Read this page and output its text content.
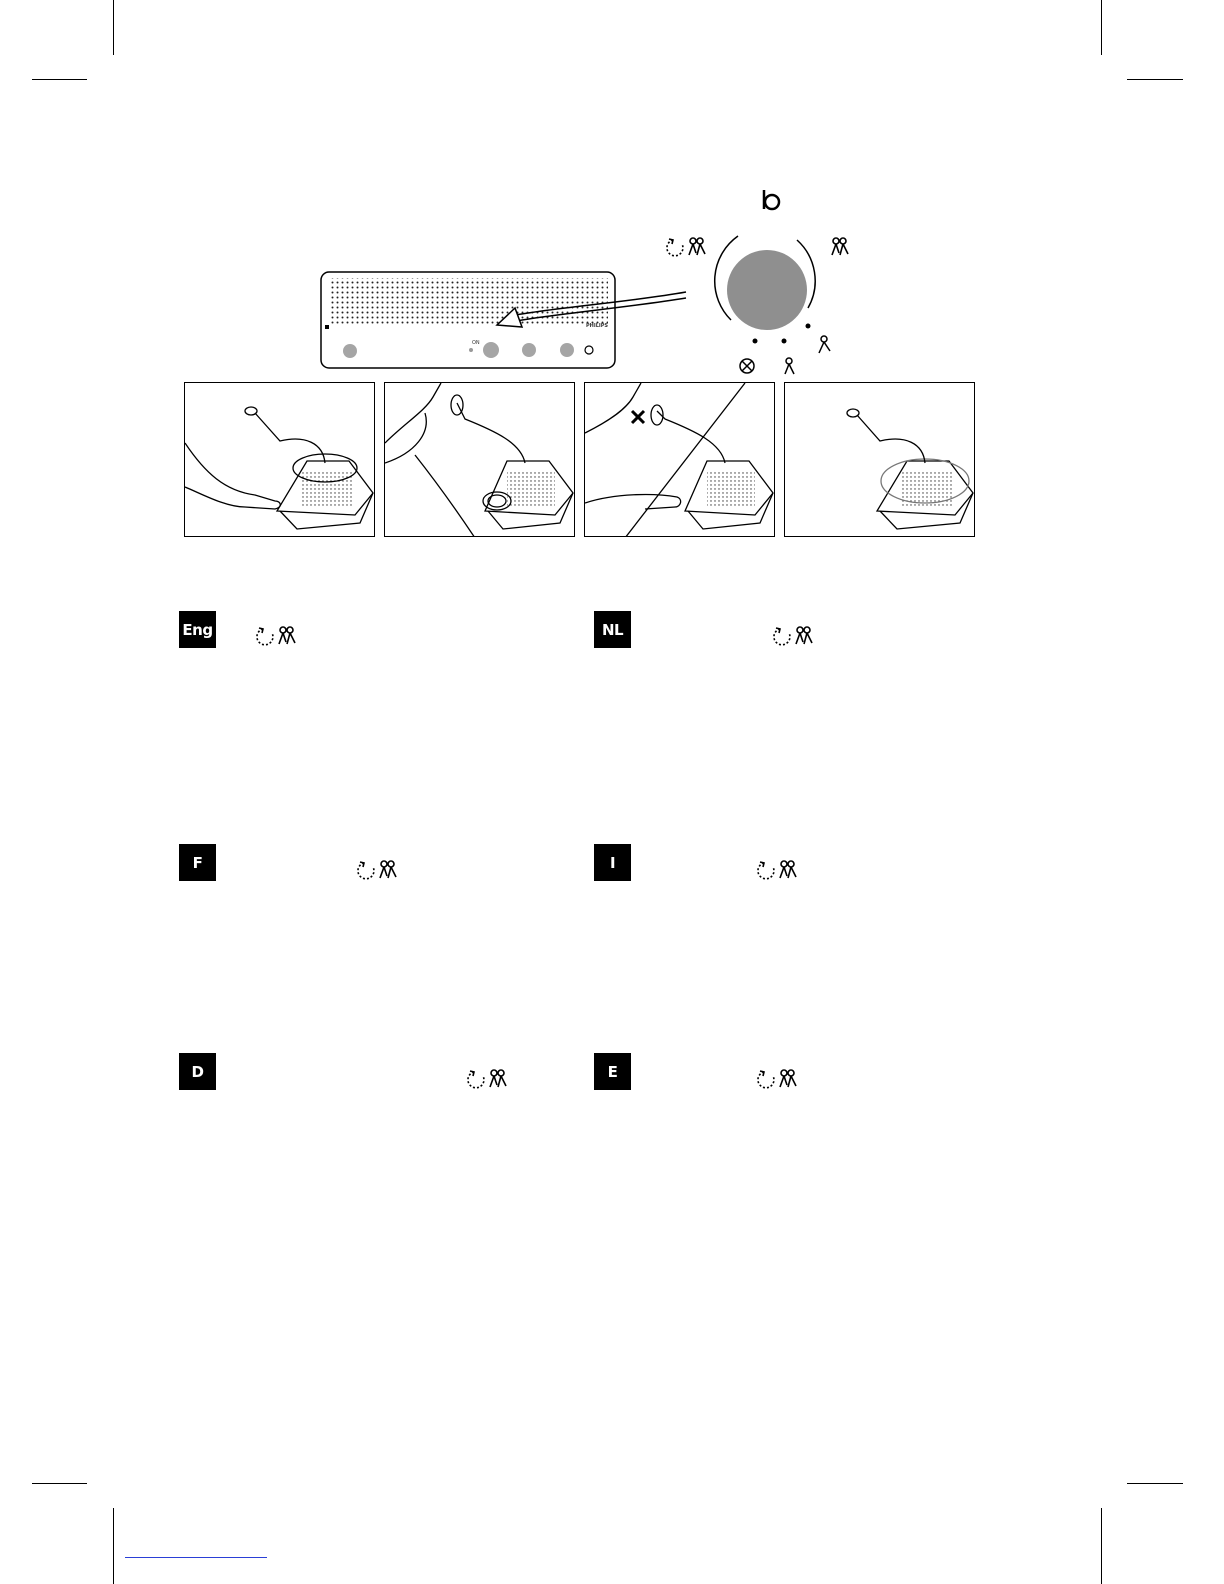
Eng	NL
F	I
D	E
ON
PHILIPS
